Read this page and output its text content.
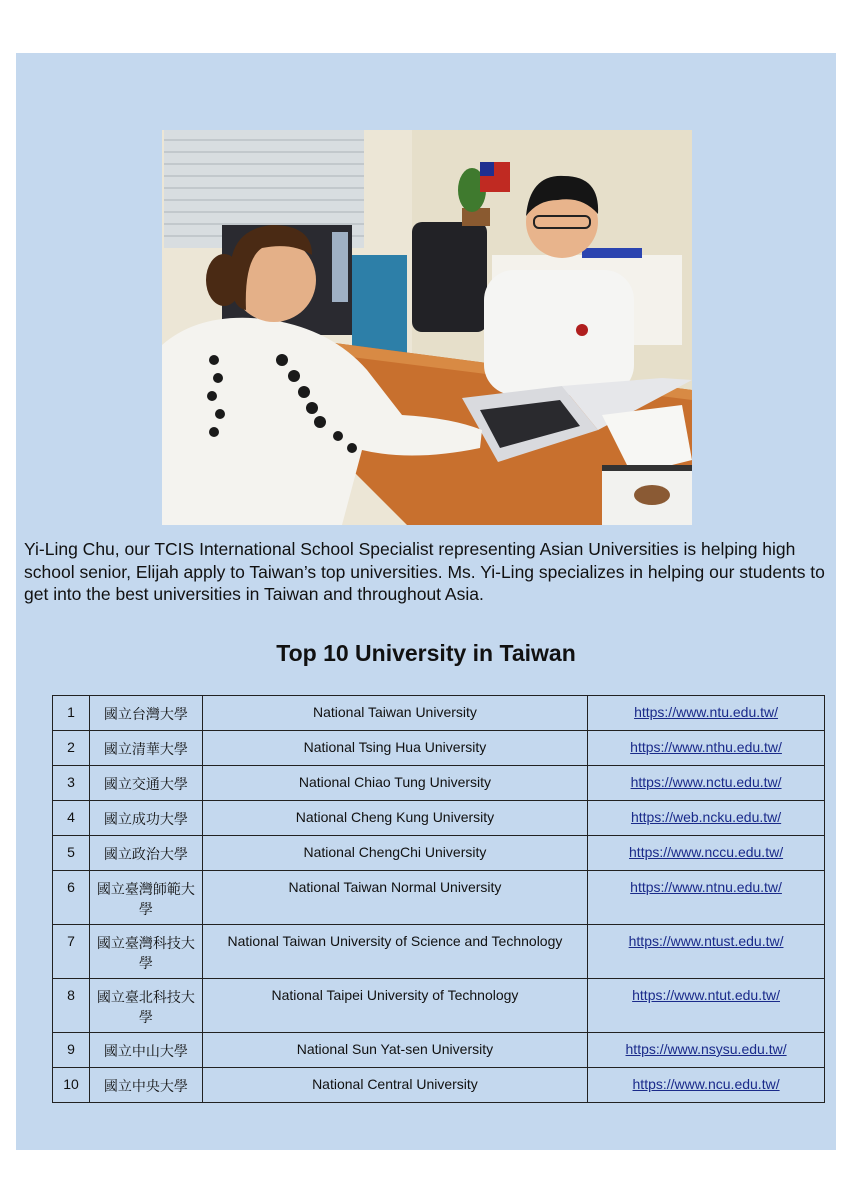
Yi-Ling Chu, our TCIS International School Specialist representing Asian Universities is helping high school senior, Elijah apply to Taiwan’s top universities. Ms. Yi-Ling specializes in helping our students to get into the best universities in Taiwan and throughout Asia.

Top 10 University in Taiwan
1	國立台灣大學	National Taiwan University	https://www.ntu.edu.tw/
2	國立清華大學	National Tsing Hua University	https://www.nthu.edu.tw/
3	國立交通大學	National Chiao Tung University	https://www.nctu.edu.tw/
4	國立成功大學	National Cheng Kung University	https://web.ncku.edu.tw/
5	國立政治大學	National ChengChi University	https://www.nccu.edu.tw/
6	國立臺灣師範大學	National Taiwan Normal University	https://www.ntnu.edu.tw/
7	國立臺灣科技大學	National Taiwan University of Science and Technology	https://www.ntust.edu.tw/
8	國立臺北科技大學	National Taipei University of Technology	https://www.ntut.edu.tw/
9	國立中山大學	National Sun Yat-sen University	https://www.nsysu.edu.tw/
10	國立中央大學	National Central University	https://www.ncu.edu.tw/
